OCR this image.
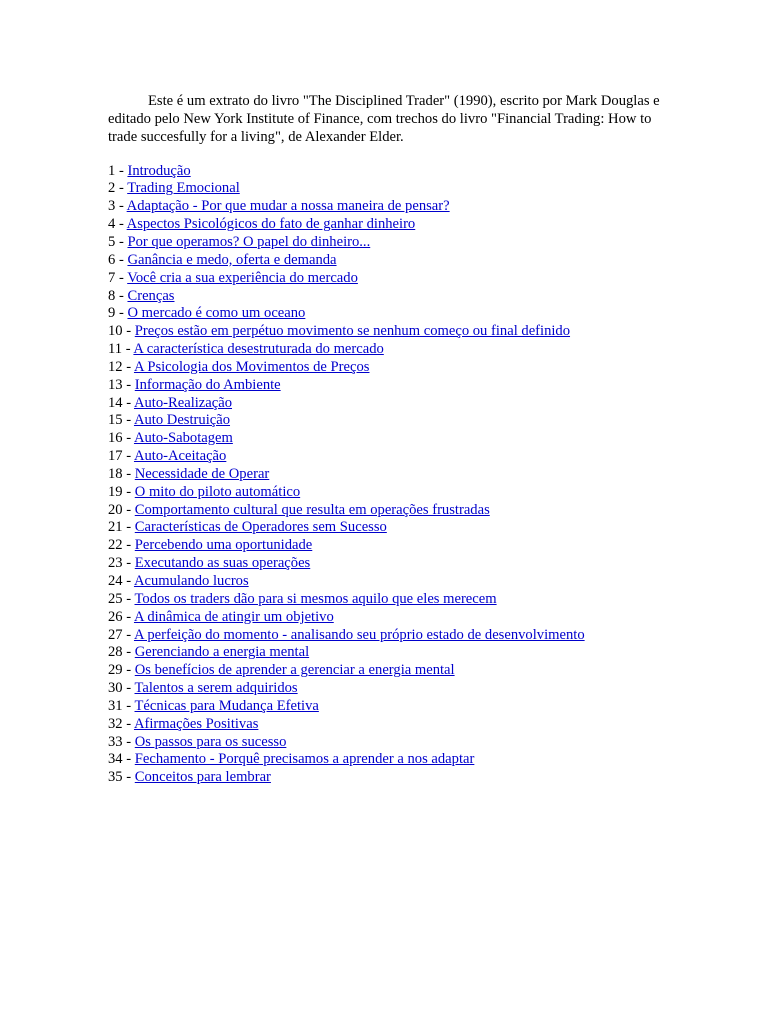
Este é um extrato do livro "The Disciplined Trader" (1990), escrito por Mark Douglas e editado pelo New York Institute of Finance, com trechos do livro "Financial Trading: How to trade succesfully for a living", de Alexander Elder.

1 - Introdução
2 - Trading Emocional
3 - Adaptação - Por que mudar a nossa maneira de pensar?
4 - Aspectos Psicológicos do fato de ganhar dinheiro
5 - Por que operamos? O papel do dinheiro...
6 - Ganância e medo, oferta e demanda
7 - Você cria a sua experiência do mercado
8 - Crenças
9 - O mercado é como um oceano
10 - Preços estão em perpétuo movimento se nenhum começo ou final definido
11 - A característica desestruturada do mercado
12 - A Psicologia dos Movimentos de Preços
13 - Informação do Ambiente
14 - Auto-Realização
15 - Auto Destruição
16 - Auto-Sabotagem
17 - Auto-Aceitação
18 - Necessidade de Operar
19 - O mito do piloto automático
20 - Comportamento cultural que resulta em operações frustradas
21 - Características de Operadores sem Sucesso
22 - Percebendo uma oportunidade
23 - Executando as suas operações
24 - Acumulando lucros
25 - Todos os traders dão para si mesmos aquilo que eles merecem
26 - A dinâmica de atingir um objetivo
27 - A perfeição do momento - analisando seu próprio estado de desenvolvimento
28 - Gerenciando a energia mental
29 - Os benefícios de aprender a gerenciar a energia mental
30 - Talentos a serem adquiridos
31 - Técnicas para Mudança Efetiva
32 - Afirmações Positivas
33 - Os passos para os sucesso
34 - Fechamento - Porquê precisamos a aprender a nos adaptar
35 - Conceitos para lembrar
